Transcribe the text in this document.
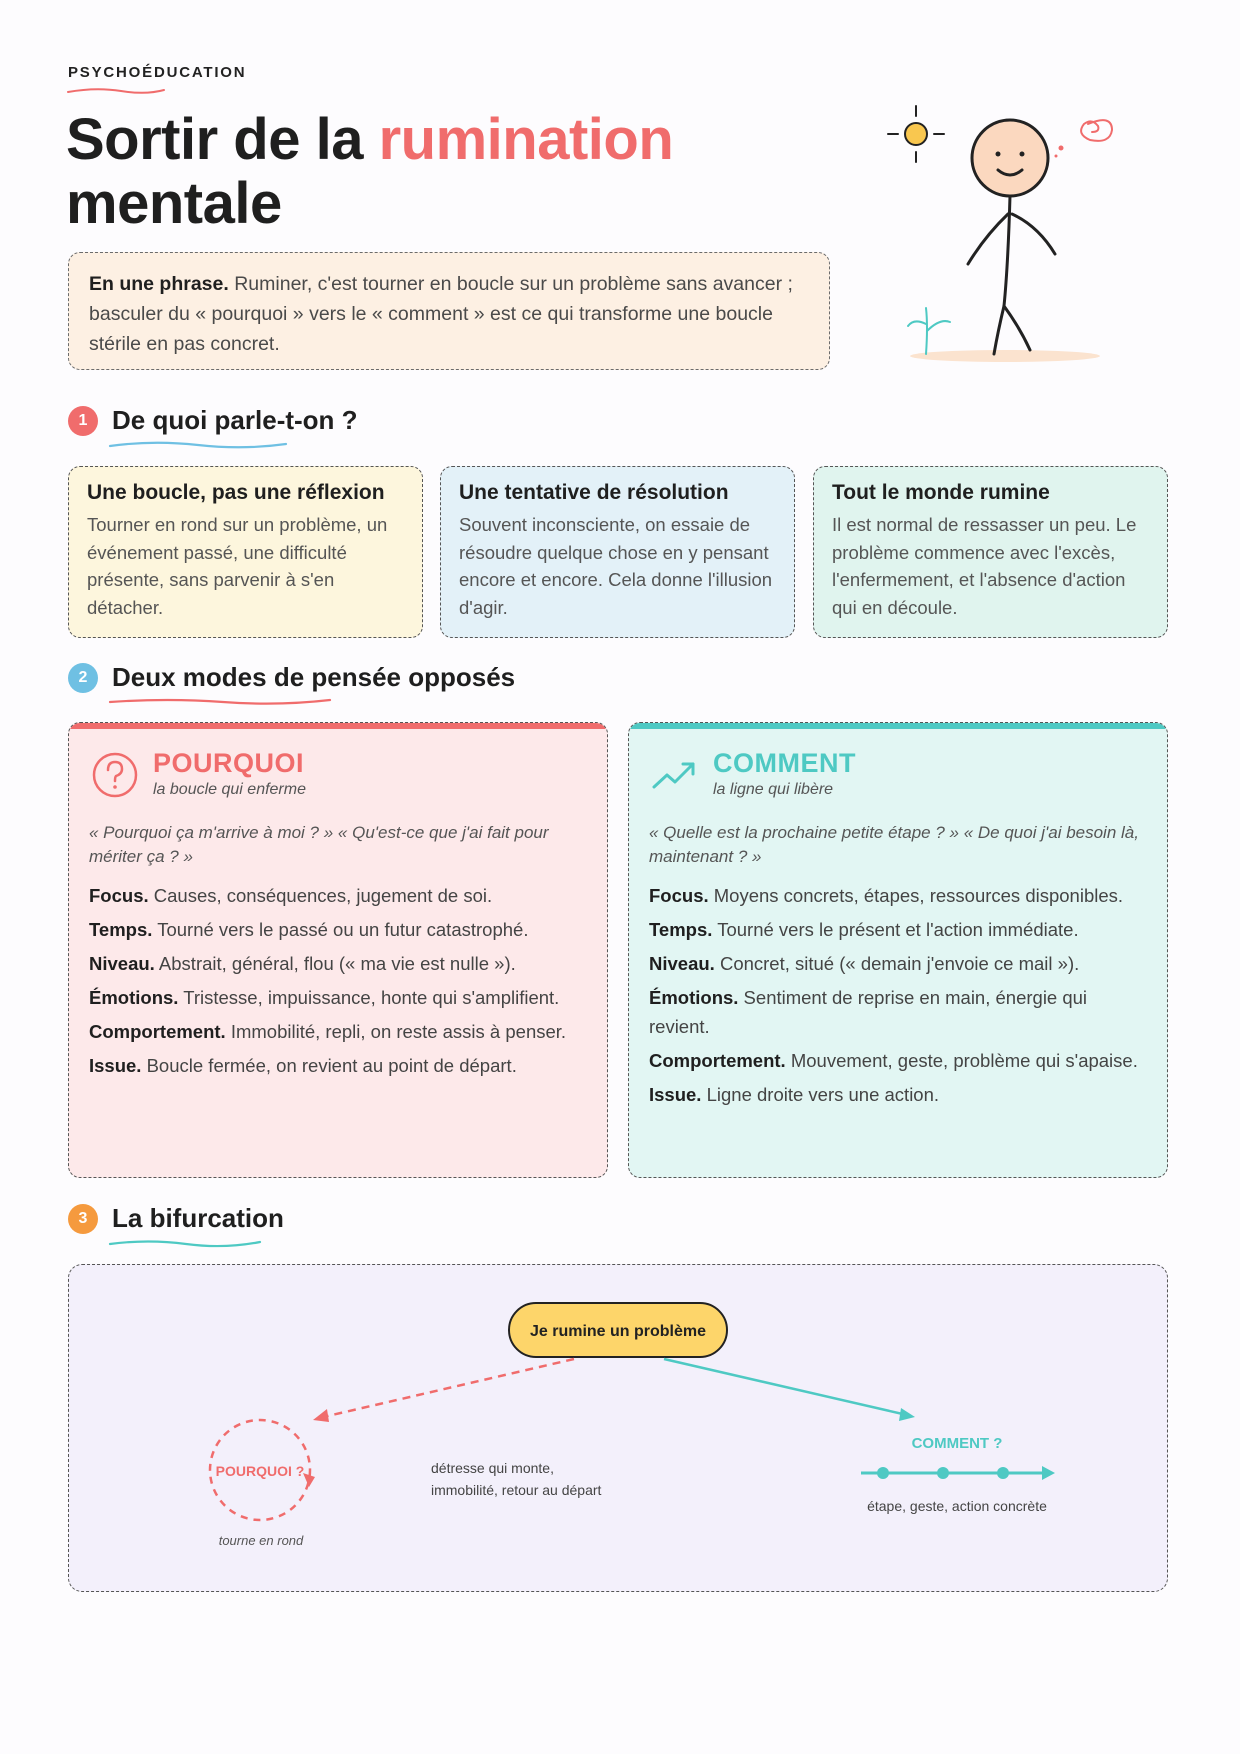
PSYCHOÉDUCATION
Sortir de la rumination
mentale
En une phrase. Ruminer, c'est tourner en boucle sur un problème sans avancer ; basculer du « pourquoi » vers le « comment » est ce qui transforme une boucle stérile en pas concret.
1 De quoi parle-t-on ?
Une boucle, pas une réflexion

Tourner en rond sur un problème, un événement passé, une difficulté présente, sans parvenir à s'en détacher.

Une tentative de résolution

Souvent inconsciente, on essaie de résoudre quelque chose en y pensant encore et encore. Cela donne l'illusion d'agir.

Tout le monde rumine

Il est normal de ressasser un peu. Le problème commence avec l'excès, l'enfermement, et l'absence d'action qui en découle.

2 Deux modes de pensée opposés
POURQUOI
la boucle qui enferme
« Pourquoi ça m'arrive à moi ? » « Qu'est-ce que j'ai fait pour mériter ça ? »
Focus. Causes, conséquences, jugement de soi.
Temps. Tourné vers le passé ou un futur catastrophé.
Niveau. Abstrait, général, flou (« ma vie est nulle »).
Émotions. Tristesse, impuissance, honte qui s'amplifient.
Comportement. Immobilité, repli, on reste assis à penser.
Issue. Boucle fermée, on revient au point de départ.
COMMENT
la ligne qui libère
« Quelle est la prochaine petite étape ? » « De quoi j'ai besoin là, maintenant ? »
Focus. Moyens concrets, étapes, ressources disponibles.
Temps. Tourné vers le présent et l'action immédiate.
Niveau. Concret, situé (« demain j'envoie ce mail »).
Émotions. Sentiment de reprise en main, énergie qui revient.
Comportement. Mouvement, geste, problème qui s'apaise.
Issue. Ligne droite vers une action.
3 La bifurcation
Je rumine un problème
POURQUOI ?
tourne en rond
détresse qui monte,
immobilité, retour au départ
COMMENT ?
étape, geste, action concrète
